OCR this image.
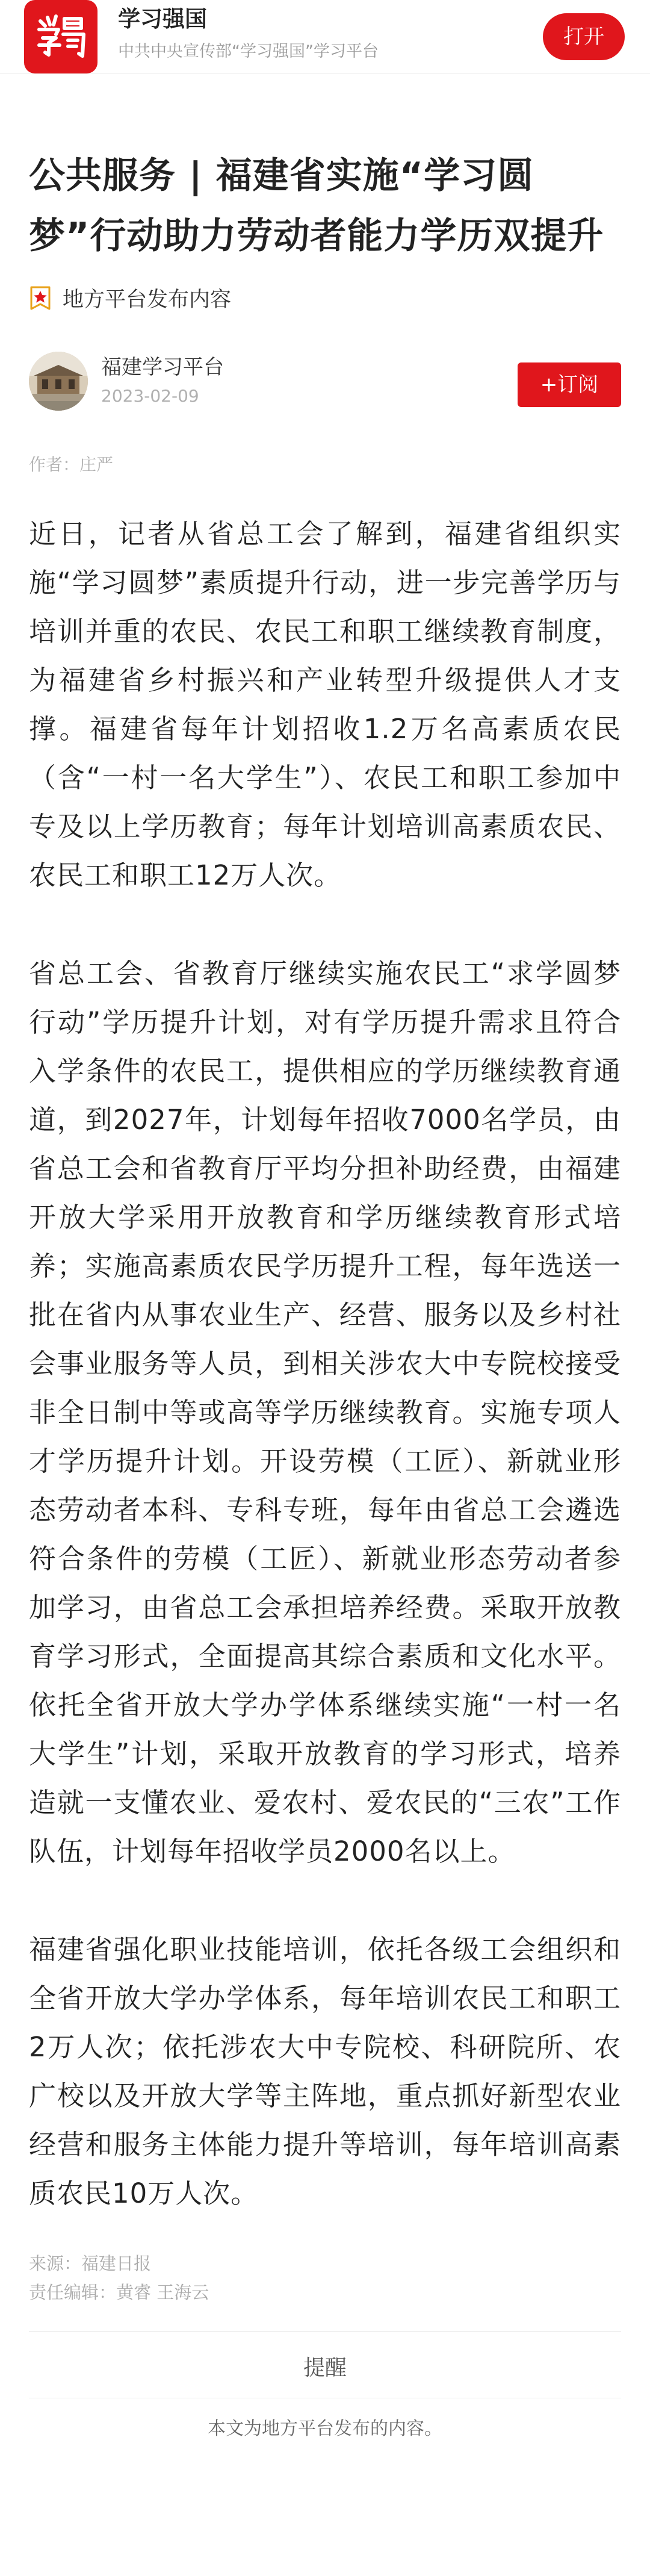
学习强国
中共中央宣传部“学习强国”学习平台
打开
公共服务 | 福建省实施“学习圆梦”行动助力劳动者能力学历双提升
地方平台发布内容
福建学习平台
2023-02-09	+订阅
作者：庄严

近日，记者从省总工会了解到，福建省组织实施“学习圆梦”素质提升行动，进一步完善学历与培训并重的农民、农民工和职工继续教育制度，为福建省乡村振兴和产业转型升级提供人才支撑。福建省每年计划招收1.2万名高素质农民（含“一村一名大学生”）、农民工和职工参加中专及以上学历教育；每年计划培训高素质农民、农民工和职工12万人次。

省总工会、省教育厅继续实施农民工“求学圆梦行动”学历提升计划，对有学历提升需求且符合入学条件的农民工，提供相应的学历继续教育通道，到2027年，计划每年招收7000名学员，由省总工会和省教育厅平均分担补助经费，由福建开放大学采用开放教育和学历继续教育形式培养；实施高素质农民学历提升工程，每年选送一批在省内从事农业生产、经营、服务以及乡村社会事业服务等人员，到相关涉农大中专院校接受非全日制中等或高等学历继续教育。实施专项人才学历提升计划。开设劳模（工匠）、新就业形态劳动者本科、专科专班，每年由省总工会遴选符合条件的劳模（工匠）、新就业形态劳动者参加学习，由省总工会承担培养经费。采取开放教育学习形式，全面提高其综合素质和文化水平。依托全省开放大学办学体系继续实施“一村一名大学生”计划，采取开放教育的学习形式，培养造就一支懂农业、爱农村、爱农民的“三农”工作队伍，计划每年招收学员2000名以上。

福建省强化职业技能培训，依托各级工会组织和全省开放大学办学体系，每年培训农民工和职工2万人次；依托涉农大中专院校、科研院所、农广校以及开放大学等主阵地，重点抓好新型农业经营和服务主体能力提升等培训，每年培训高素质农民10万人次。

来源：福建日报
责任编辑：黄睿 王海云
提醒
本文为地方平台发布的内容。
